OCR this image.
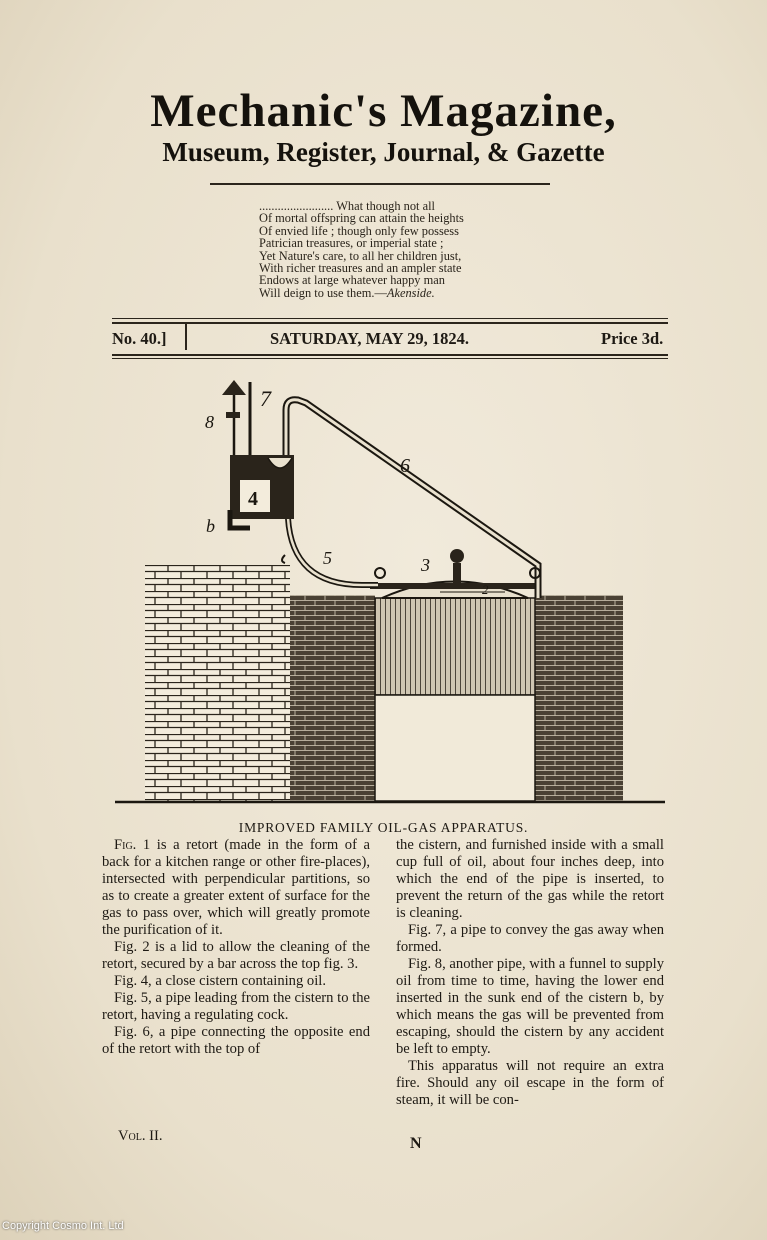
Mechanic's Magazine,
Museum, Register, Journal, & Gazette
........................ What though not all
Of mortal offspring can attain the heights
Of envied life ; though only few possess
Patrician treasures, or imperial state ;
Yet Nature's care, to all her children just,
With richer treasures and an ampler state
Endows at large whatever happy man
Will deign to use them.—Akenside.
No. 40.]	SATURDAY, MAY 29, 1824.	Price 3d.
8
7
6
4
b
5	3
2
IMPROVED FAMILY OIL-GAS APPARATUS.

Fig. 1 is a retort (made in the form of a back for a kitchen range or other fire-places), intersected with perpendicular partitions, so as to create a greater extent of surface for the gas to pass over, which will greatly promote the purification of it.

Fig. 2 is a lid to allow the cleaning of the retort, secured by a bar across the top fig. 3.

Fig. 4, a close cistern containing oil.

Fig. 5, a pipe leading from the cistern to the retort, having a regulating cock.

Fig. 6, a pipe connecting the opposite end of the retort with the top of

the cistern, and furnished inside with a small cup full of oil, about four inches deep, into which the end of the pipe is inserted, to prevent the return of the gas while the retort is cleaning.

Fig. 7, a pipe to convey the gas away when formed.

Fig. 8, another pipe, with a funnel to supply oil from time to time, having the lower end inserted in the sunk end of the cistern b, by which means the gas will be prevented from escaping, should the cistern by any accident be left to empty.

This apparatus will not require an extra fire. Should any oil escape in the form of steam, it will be con-

Vol. II.	N
Copyright Cosmo Int. Ltd
